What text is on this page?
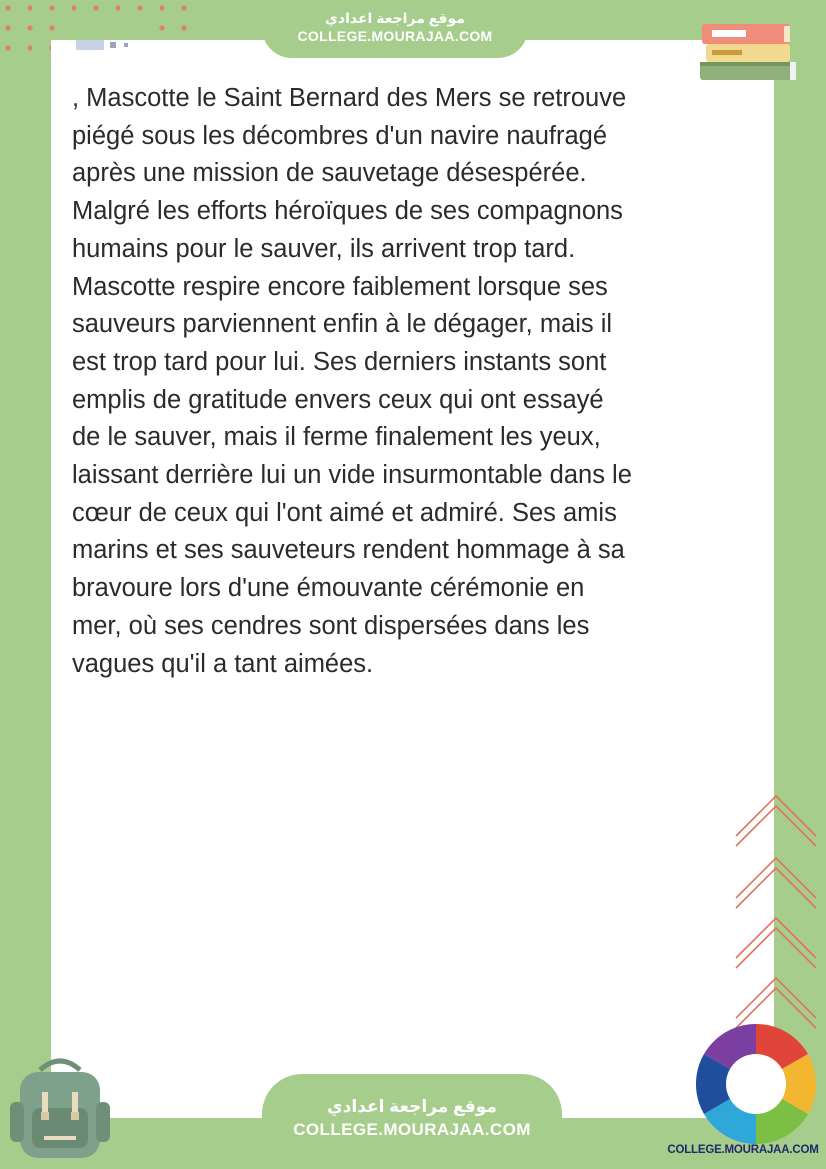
موقع مراجعة اعدادي
COLLEGE.MOURAJAA.COM
, Mascotte le Saint Bernard des Mers se retrouve
piégé sous les décombres d'un navire naufragé
après une mission de sauvetage désespérée.
Malgré les efforts héroïques de ses compagnons
humains pour le sauver, ils arrivent trop tard.
Mascotte respire encore faiblement lorsque ses
sauveurs parviennent enfin à le dégager, mais il
est trop tard pour lui. Ses derniers instants sont
emplis de gratitude envers ceux qui ont essayé
de le sauver, mais il ferme finalement les yeux,
laissant derrière lui un vide insurmontable dans le
cœur de ceux qui l'ont aimé et admiré. Ses amis
marins et ses sauveteurs rendent hommage à sa
bravoure lors d'une émouvante cérémonie en
mer, où ses cendres sont dispersées dans les
vagues qu'il a tant aimées.
موقع مراجعة اعدادي
COLLEGE.MOURAJAA.COM
COLLEGE.MOURAJAA.COM
